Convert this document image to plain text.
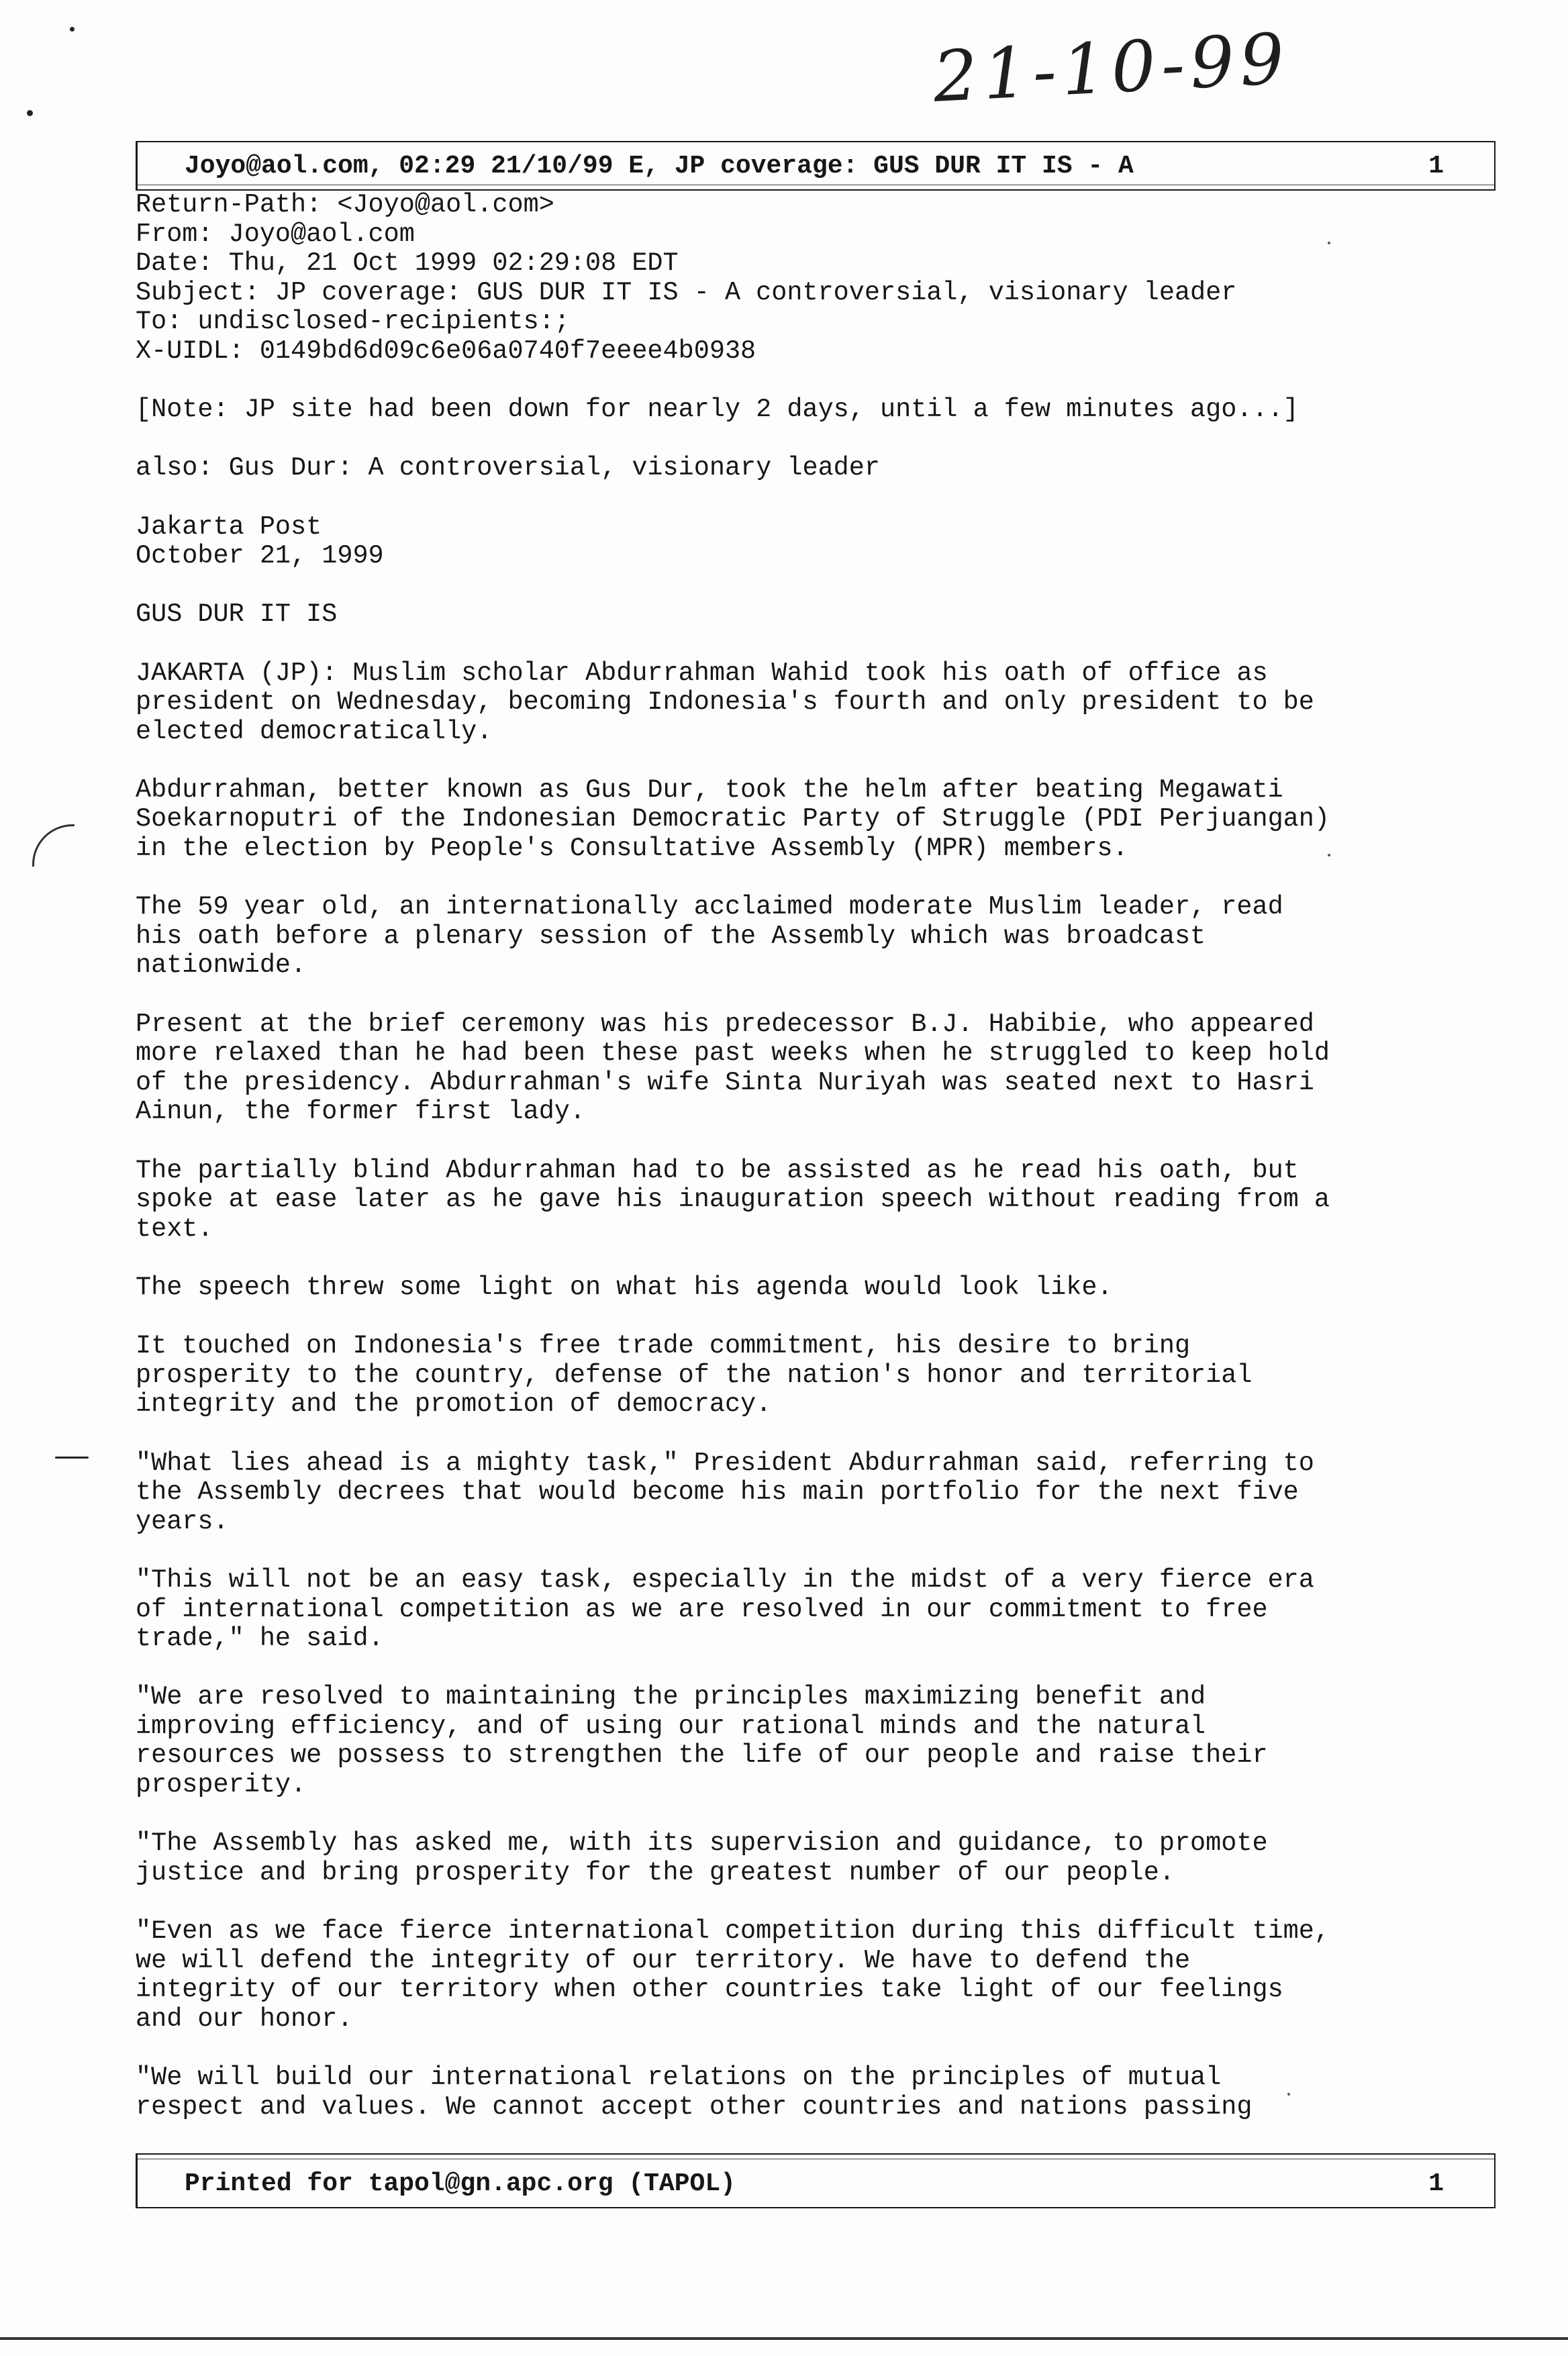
21-10-99
Joyo@aol.com, 02:29 21/10/99 E, JP coverage: GUS DUR IT IS - A	1
Return-Path: <Joyo@aol.com>
From: Joyo@aol.com
Date: Thu, 21 Oct 1999 02:29:08 EDT
Subject: JP coverage: GUS DUR IT IS - A controversial, visionary leader
To: undisclosed-recipients:;
X-UIDL: 0149bd6d09c6e06a0740f7eeee4b0938
[Note: JP site had been down for nearly 2 days, until a few minutes ago...]
also: Gus Dur: A controversial, visionary leader
Jakarta Post
October 21, 1999
GUS DUR IT IS
JAKARTA (JP): Muslim scholar Abdurrahman Wahid took his oath of office as
president on Wednesday, becoming Indonesia's fourth and only president to be
elected democratically.
Abdurrahman, better known as Gus Dur, took the helm after beating Megawati
Soekarnoputri of the Indonesian Democratic Party of Struggle (PDI Perjuangan)
in the election by People's Consultative Assembly (MPR) members.
The 59 year old, an internationally acclaimed moderate Muslim leader, read
his oath before a plenary session of the Assembly which was broadcast
nationwide.
Present at the brief ceremony was his predecessor B.J. Habibie, who appeared
more relaxed than he had been these past weeks when he struggled to keep hold
of the presidency. Abdurrahman's wife Sinta Nuriyah was seated next to Hasri
Ainun, the former first lady.
The partially blind Abdurrahman had to be assisted as he read his oath, but
spoke at ease later as he gave his inauguration speech without reading from a
text.
The speech threw some light on what his agenda would look like.
It touched on Indonesia's free trade commitment, his desire to bring
prosperity to the country, defense of the nation's honor and territorial
integrity and the promotion of democracy.
"What lies ahead is a mighty task," President Abdurrahman said, referring to
the Assembly decrees that would become his main portfolio for the next five
years.
"This will not be an easy task, especially in the midst of a very fierce era
of international competition as we are resolved in our commitment to free
trade," he said.
"We are resolved to maintaining the principles maximizing benefit and
improving efficiency, and of using our rational minds and the natural
resources we possess to strengthen the life of our people and raise their
prosperity.
"The Assembly has asked me, with its supervision and guidance, to promote
justice and bring prosperity for the greatest number of our people.
"Even as we face fierce international competition during this difficult time,
we will defend the integrity of our territory. We have to defend the
integrity of our territory when other countries take light of our feelings
and our honor.
"We will build our international relations on the principles of mutual
respect and values. We cannot accept other countries and nations passing
Printed for tapol@gn.apc.org (TAPOL)	1
